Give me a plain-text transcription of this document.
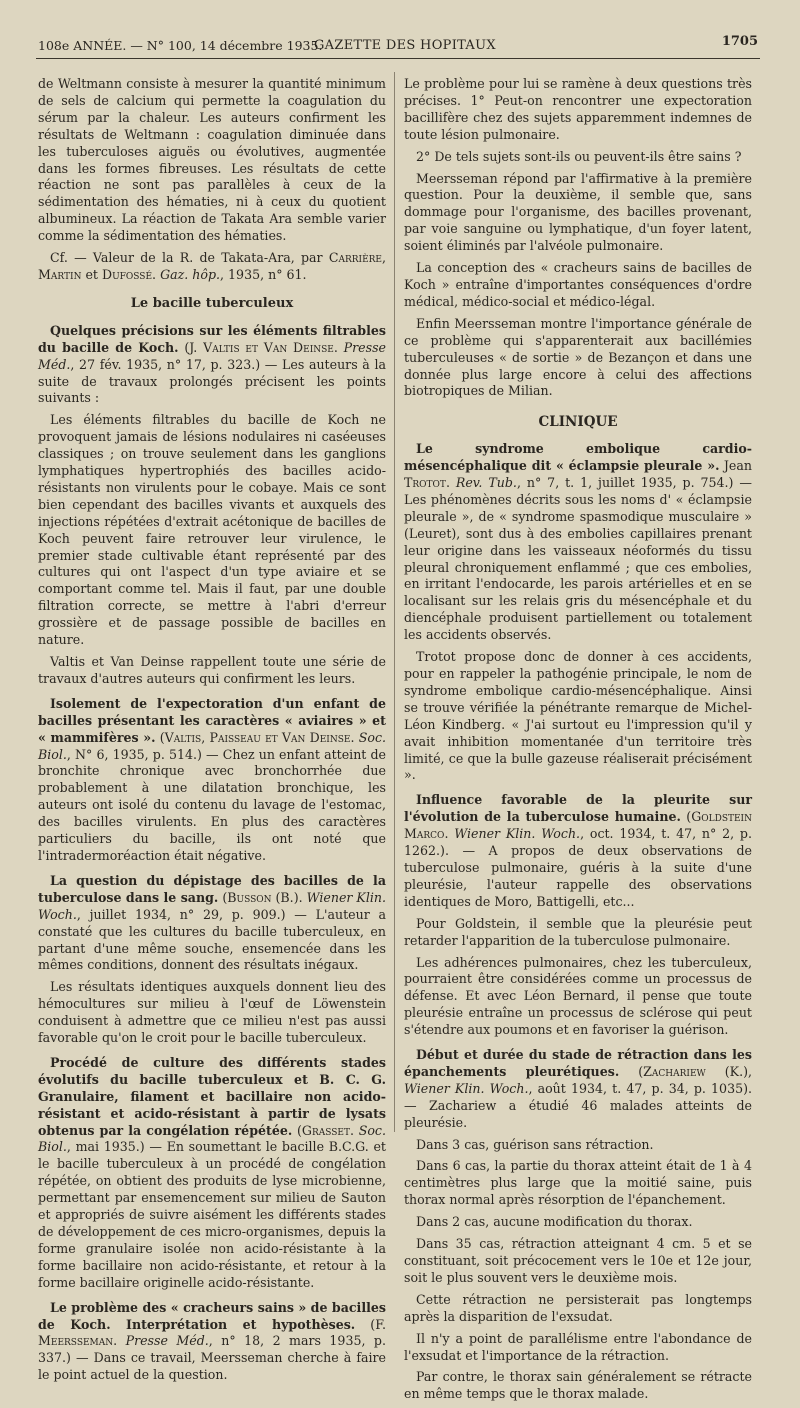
108e ANNÉE. — N° 100, 14 décembre 1935.
GAZETTE DES HOPITAUX	1705

de Weltmann consiste à mesurer la quantité minimum de sels de calcium qui permette la coagulation du sérum par la chaleur. Les auteurs confirment les résultats de Weltmann : coagulation diminuée dans les tuberculoses aiguës ou évolutives, augmentée dans les formes fibreuses. Les résultats de cette réaction ne sont pas parallèles à ceux de la sédimentation des hématies, ni à ceux du quotient albumineux. La réaction de Takata Ara semble varier comme la sédimentation des hématies.

Cf. — Valeur de la R. de Takata-Ara, par Carrière, Martin et Dufossé. Gaz. hôp., 1935, n° 61.

Le bacille tuberculeux

Quelques précisions sur les éléments filtrables du bacille de Koch. (J. Valtis et Van Deinse. Presse Méd., 27 fév. 1935, n° 17, p. 323.) — Les auteurs à la suite de travaux prolongés précisent les points suivants :

Les éléments filtrables du bacille de Koch ne provoquent jamais de lésions nodulaires ni caséeuses classiques ; on trouve seulement dans les ganglions lymphatiques hypertrophiés des bacilles acido-résistants non virulents pour le cobaye. Mais ce sont bien cependant des bacilles vivants et auxquels des injections répétées d'extrait acétonique de bacilles de Koch peuvent faire retrouver leur virulence, le premier stade cultivable étant représenté par des cultures qui ont l'aspect d'un type aviaire et se comportant comme tel. Mais il faut, par une double filtration correcte, se mettre à l'abri d'erreur grossière et de passage possible de bacilles en nature.

Valtis et Van Deinse rappellent toute une série de travaux d'autres auteurs qui confirment les leurs.

Isolement de l'expectoration d'un enfant de bacilles présentant les caractères « aviaires » et « mammifères ». (Valtis, Paisseau et Van Deinse. Soc. Biol., N° 6, 1935, p. 514.) — Chez un enfant atteint de bronchite chronique avec bronchorrhée due probablement à une dilatation bronchique, les auteurs ont isolé du contenu du lavage de l'estomac, des bacilles virulents. En plus des caractères particuliers du bacille, ils ont noté que l'intradermoréaction était négative.

La question du dépistage des bacilles de la tuberculose dans le sang. (Busson (B.). Wiener Klin. Woch., juillet 1934, n° 29, p. 909.) — L'auteur a constaté que les cultures du bacille tuberculeux, en partant d'une même souche, ensemencée dans les mêmes conditions, donnent des résultats inégaux.

Les résultats identiques auxquels donnent lieu des hémocultures sur milieu à l'œuf de Löwenstein conduisent à admettre que ce milieu n'est pas aussi favorable qu'on le croit pour le bacille tuberculeux.

Procédé de culture des différents stades évolutifs du bacille tuberculeux et B. C. G. Granulaire, filament et bacillaire non acido-résistant et acido-résistant à partir de lysats obtenus par la congélation répétée. (Grasset. Soc. Biol., mai 1935.) — En soumettant le bacille B.C.G. et le bacille tuberculeux à un procédé de congélation répétée, on obtient des produits de lyse microbienne, permettant par ensemencement sur milieu de Sauton et appropriés de suivre aisément les différents stades de développement de ces micro-organismes, depuis la forme granulaire isolée non acido-résistante à la forme bacillaire non acido-résistante, et retour à la forme bacillaire originelle acido-résistante.

Le problème des « cracheurs sains » de bacilles de Koch. Interprétation et hypothèses. (F. Meersseman. Presse Méd., n° 18, 2 mars 1935, p. 337.) — Dans ce travail, Meersseman cherche à faire le point actuel de la question.

Le problème pour lui se ramène à deux questions très précises. 1° Peut-on rencontrer une expectoration bacillifère chez des sujets apparemment indemnes de toute lésion pulmonaire.

2° De tels sujets sont-ils ou peuvent-ils être sains ?

Meersseman répond par l'affirmative à la première question. Pour la deuxième, il semble que, sans dommage pour l'organisme, des bacilles provenant, par voie sanguine ou lymphatique, d'un foyer latent, soient éliminés par l'alvéole pulmonaire.

La conception des « cracheurs sains de bacilles de Koch » entraîne d'importantes conséquences d'ordre médical, médico-social et médico-légal.

Enfin Meersseman montre l'importance générale de ce problème qui s'apparenterait aux bacillémies tuberculeuses « de sortie » de Bezançon et dans une donnée plus large encore à celui des affections biotropiques de Milian.

CLINIQUE

Le syndrome embolique cardio-mésencéphalique dit « éclampsie pleurale ». Jean Trotot. Rev. Tub., n° 7, t. 1, juillet 1935, p. 754.) — Les phénomènes décrits sous les noms d' « éclampsie pleurale », de « syndrome spasmodique musculaire » (Leuret), sont dus à des embolies capillaires prenant leur origine dans les vaisseaux néoformés du tissu pleural chroniquement enflammé ; que ces embolies, en irritant l'endocarde, les parois artérielles et en se localisant sur les relais gris du mésencéphale et du diencéphale produisent partiellement ou totalement les accidents observés.

Trotot propose donc de donner à ces accidents, pour en rappeler la pathogénie principale, le nom de syndrome embolique cardio-mésencéphalique. Ainsi se trouve vérifiée la pénétrante remarque de Michel-Léon Kindberg. « J'ai surtout eu l'impression qu'il y avait inhibition momentanée d'un territoire très limité, ce que la bulle gazeuse réaliserait précisément ».

Influence favorable de la pleurite sur l'évolution de la tuberculose humaine. (Goldstein Marco. Wiener Klin. Woch., oct. 1934, t. 47, n° 2, p. 1262.). — A propos de deux observations de tuberculose pulmonaire, guéris à la suite d'une pleurésie, l'auteur rappelle des observations identiques de Moro, Battigelli, etc...

Pour Goldstein, il semble que la pleurésie peut retarder l'apparition de la tuberculose pulmonaire.

Les adhérences pulmonaires, chez les tuberculeux, pourraient être considérées comme un processus de défense. Et avec Léon Bernard, il pense que toute pleurésie entraîne un processus de sclérose qui peut s'étendre aux poumons et en favoriser la guérison.

Début et durée du stade de rétraction dans les épanchements pleurétiques. (Zachariew (K.), Wiener Klin. Woch., août 1934, t. 47, p. 34, p. 1035). — Zachariew a étudié 46 malades atteints de pleurésie.

Dans 3 cas, guérison sans rétraction.

Dans 6 cas, la partie du thorax atteint était de 1 à 4 centimètres plus large que la moitié saine, puis thorax normal après résorption de l'épanchement.

Dans 2 cas, aucune modification du thorax.

Dans 35 cas, rétraction atteignant 4 cm. 5 et se constituant, soit précocement vers le 10e et 12e jour, soit le plus souvent vers le deuxième mois.

Cette rétraction ne persisterait pas longtemps après la disparition de l'exsudat.

Il n'y a point de parallélisme entre l'abondance de l'exsudat et l'importance de la rétraction.

Par contre, le thorax sain généralement se rétracte en même temps que le thorax malade.
